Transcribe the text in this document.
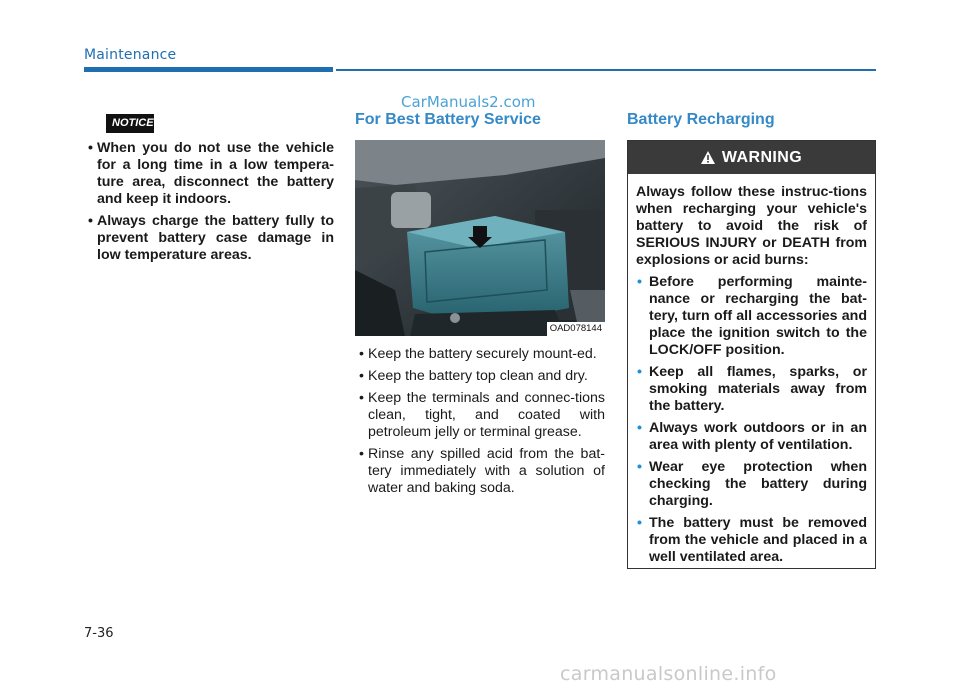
Maintenance
CarManuals2.com
NOTICE
• When you do not use the vehicle for a long time in a low tempera-ture area, disconnect the battery and keep it indoors.
• Always charge the battery fully to prevent battery case damage in low temperature areas.
For Best Battery Service
OAD078144
• Keep the battery securely mount-ed.
• Keep the battery top clean and dry.
• Keep the terminals and connec-tions clean, tight, and coated with petroleum jelly or terminal grease.
• Rinse any spilled acid from the bat-tery immediately with a solution of water and baking soda.
Battery Recharging
WARNING

Always follow these instruc-tions when recharging your vehicle's battery to avoid the risk of SERIOUS INJURY or DEATH from explosions or acid burns:

• Before performing mainte-nance or recharging the bat-tery, turn off all accessories and place the ignition switch to the LOCK/OFF position.
• Keep all flames, sparks, or smoking materials away from the battery.
• Always work outdoors or in an area with plenty of ventilation.
• Wear eye protection when checking the battery during charging.
• The battery must be removed from the vehicle and placed in a well ventilated area.
7-36
carmanualsonline.info
